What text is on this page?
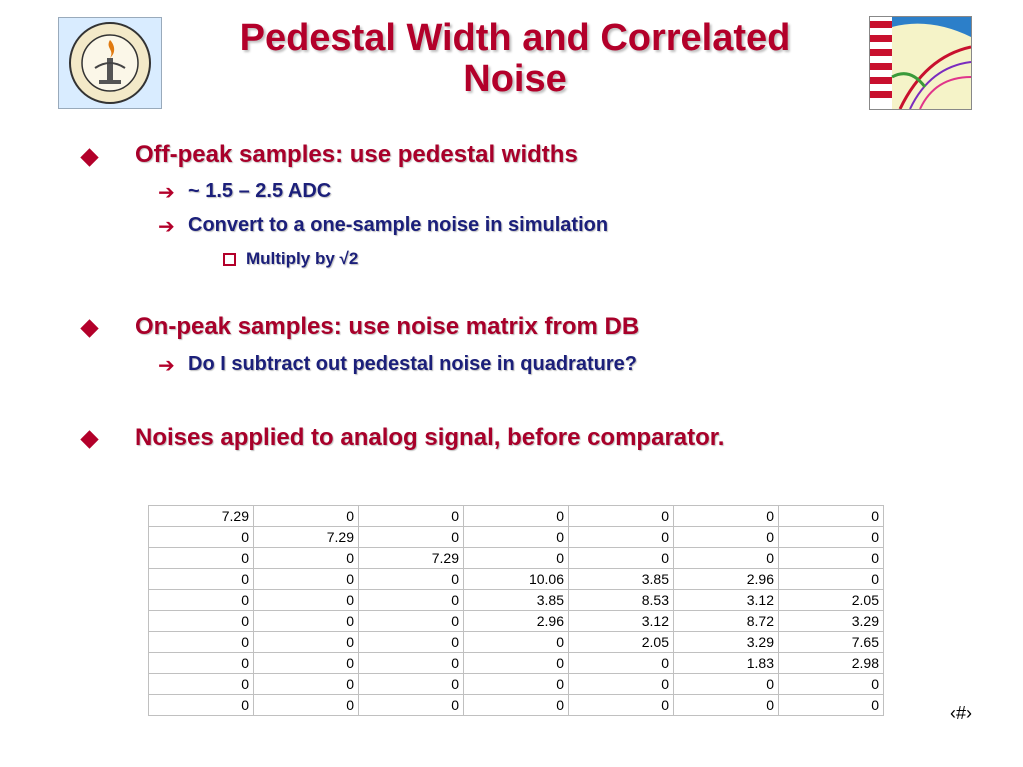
Pedestal Width and Correlated
Noise
Off-peak samples: use pedestal widths
➔ ~ 1.5 – 2.5 ADC
➔ Convert to a one-sample noise in simulation
Multiply by √2
On-peak samples: use noise matrix from DB
➔ Do I subtract out pedestal noise in quadrature?
Noises applied to analog signal, before comparator.
7.29	0	0	0	0	0	0
0	7.29	0	0	0	0	0
0	0	7.29	0	0	0	0
0	0	0	10.06	3.85	2.96	0
0	0	0	3.85	8.53	3.12	2.05
0	0	0	2.96	3.12	8.72	3.29
0	0	0	0	2.05	3.29	7.65
0	0	0	0	0	1.83	2.98
0	0	0	0	0	0	0
0	0	0	0	0	0	0	‹#›
